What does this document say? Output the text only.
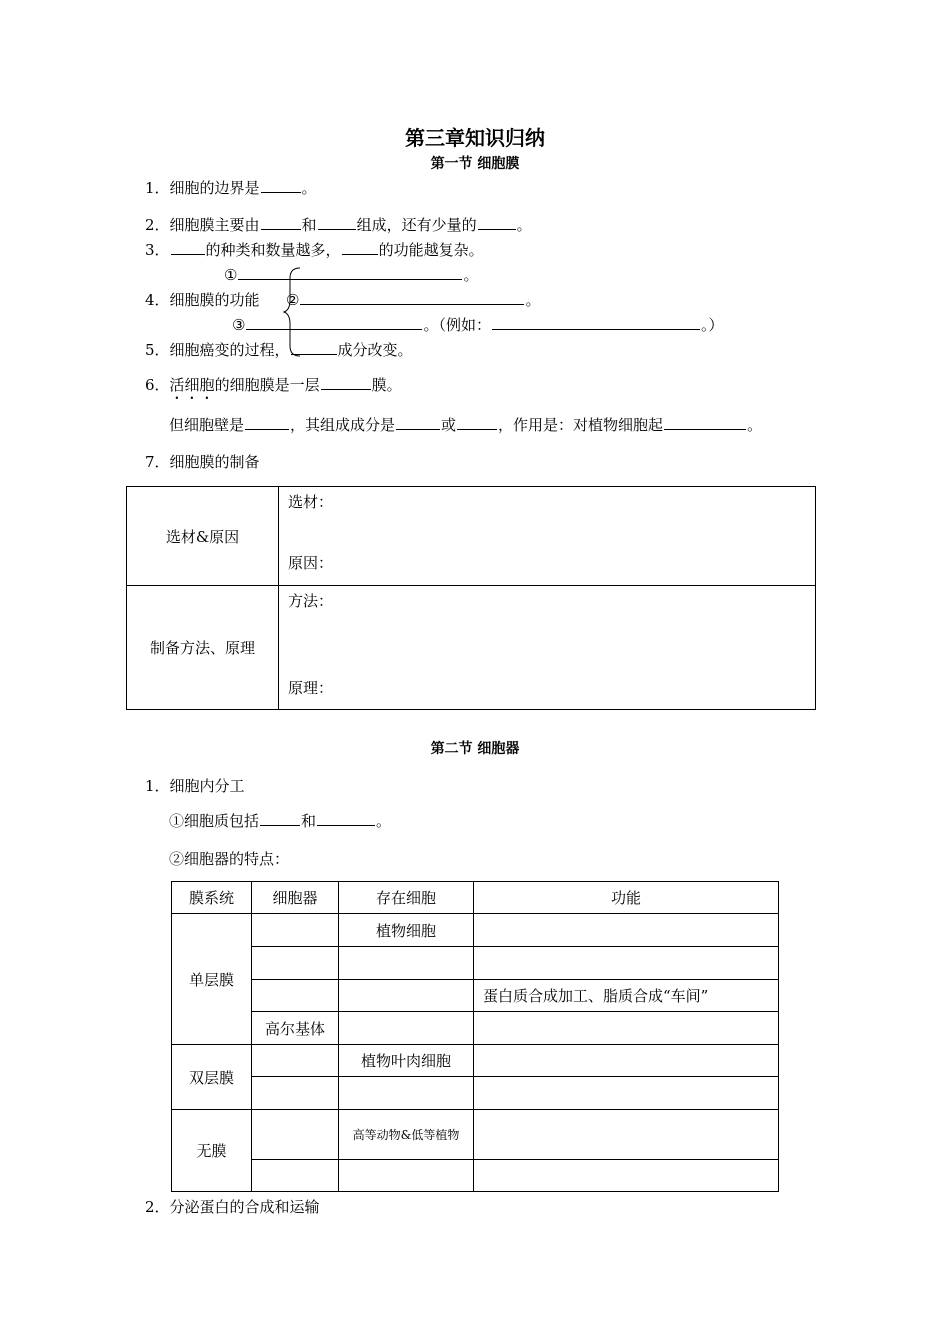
第三章知识归纳
第一节 细胞膜
1．细胞的边界是	。
2．细胞膜主要由	和	组成，还有少量的	。
3． 的种类和数量越多，	的功能越复杂。
①	。
4．细胞膜的功能 ②	。
③	。（例如：	。）
5．细胞癌变的过程，	成分改变。
6．活细胞的细胞膜是一层	膜。
但细胞壁是	，其组成成分是	或	，作用是：对植物细胞起	。
7．细胞膜的制备
选材&原因	选材：
原因：

制备方法、原理	方法：
原理：
第二节 细胞器
1．细胞内分工
①细胞质包括	和	。
②细胞器的特点：
膜系统	细胞器	存在细胞	功能
单层膜		植物细胞	

			蛋白质合成加工、脂质合成“车间”
	高尔基体		
双层膜		植物叶肉细胞	

无膜		高等动物&低等植物	

2．分泌蛋白的合成和运输
